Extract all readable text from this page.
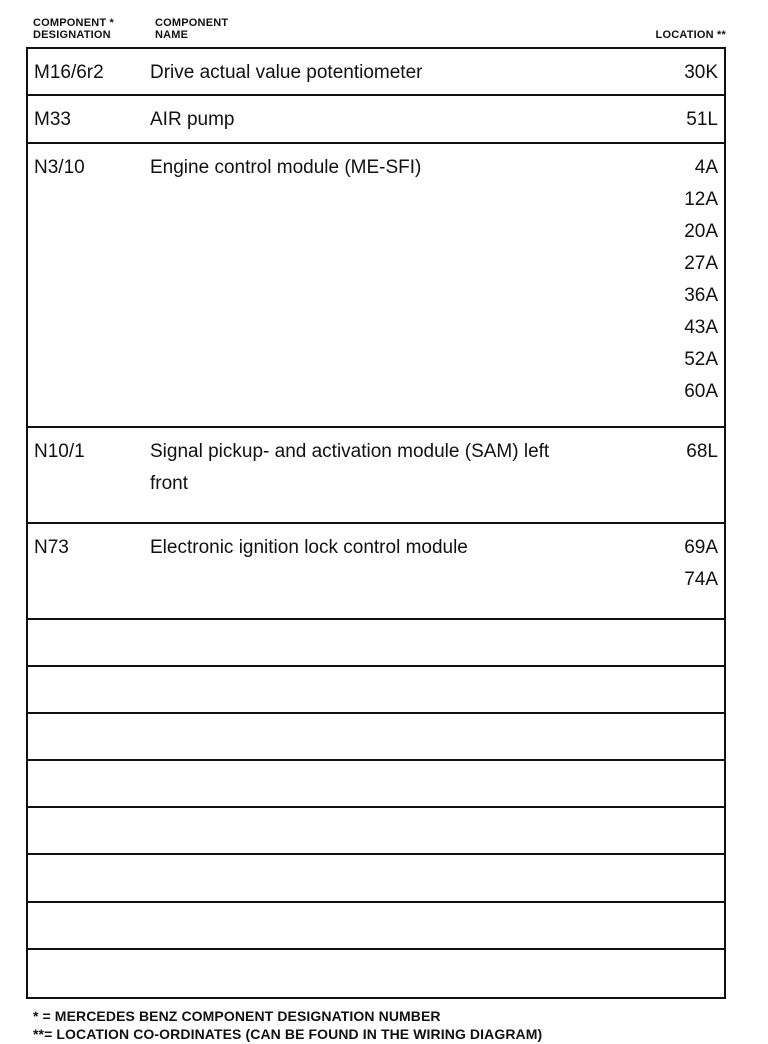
COMPONENT *
DESIGNATION
COMPONENT
NAME	LOCATION **
M16/6r2 Drive actual value potentiometer	30K
M33	AIR pump	51L
N3/10	Engine control module (ME-SFI)	4A
12A
20A
27A
36A
43A
52A
60A
N10/1	Signal pickup- and activation module (SAM) left
front
68L
N73	Electronic ignition lock control module	69A
74A
* = MERCEDES BENZ COMPONENT DESIGNATION NUMBER
**= LOCATION CO-ORDINATES (CAN BE FOUND IN THE WIRING DIAGRAM)
